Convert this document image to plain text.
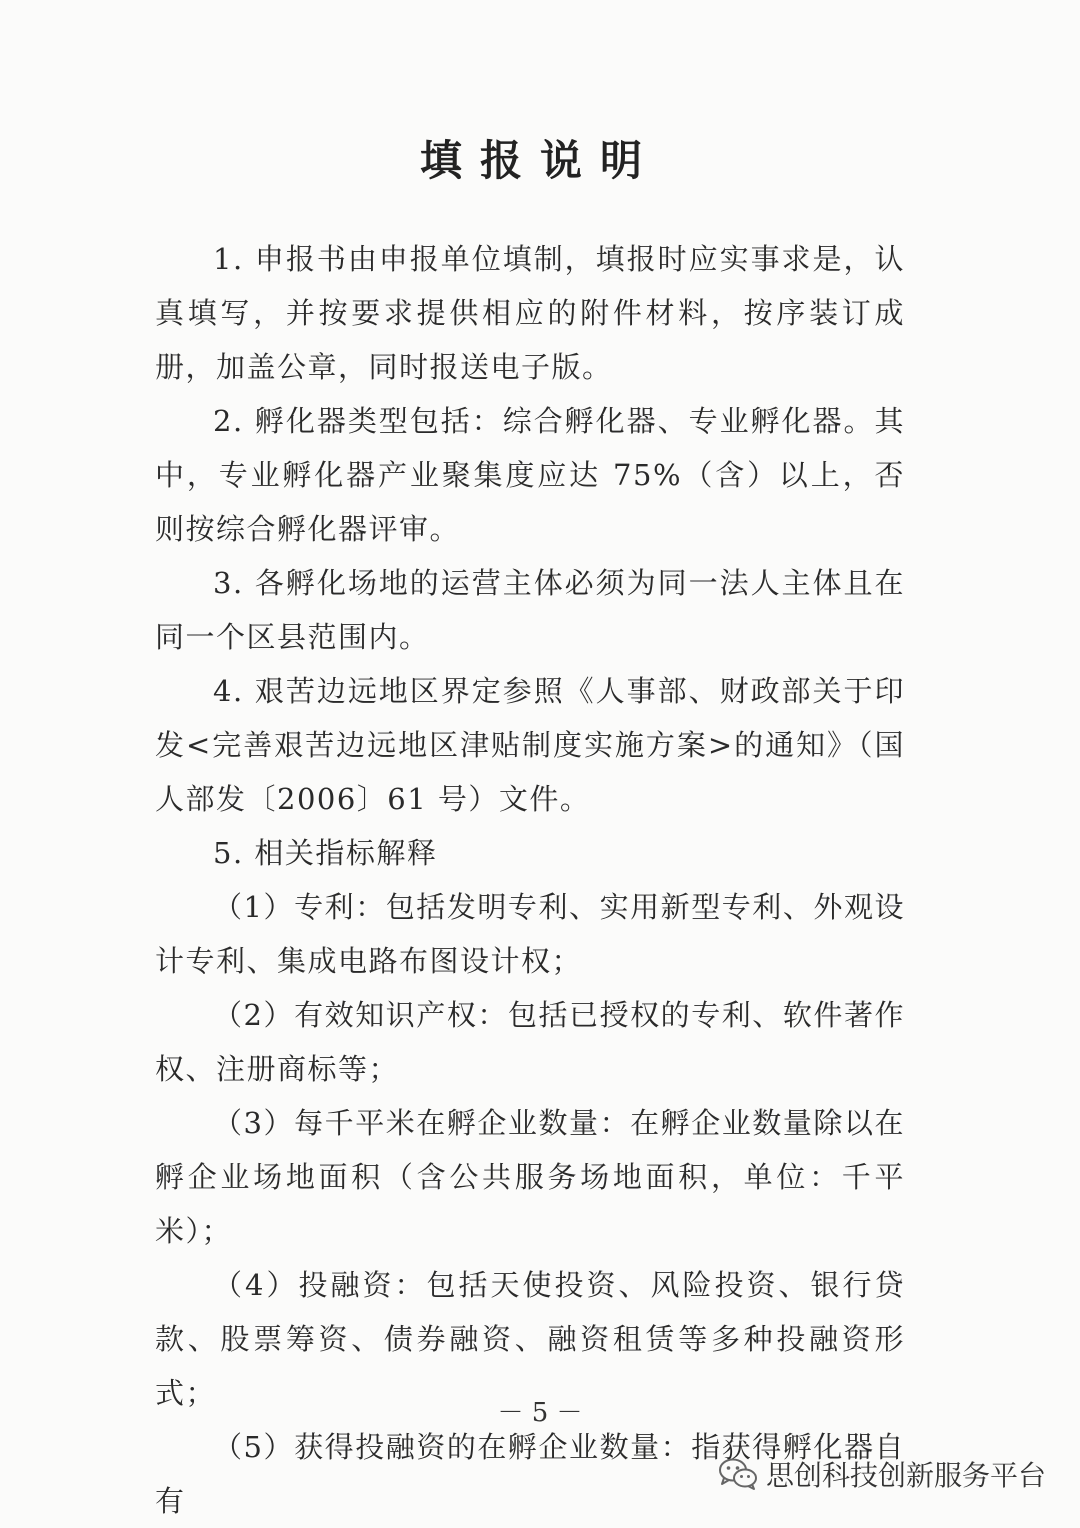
填报说明

1. 申报书由申报单位填制，填报时应实事求是，认真填写，并按要求提供相应的附件材料，按序装订成册，加盖公章，同时报送电子版。

2. 孵化器类型包括：综合孵化器、专业孵化器。其中，专业孵化器产业聚集度应达 75%（含）以上，否则按综合孵化器评审。

3. 各孵化场地的运营主体必须为同一法人主体且在同一个区县范围内。

4. 艰苦边远地区界定参照《人事部、财政部关于印发<完善艰苦边远地区津贴制度实施方案>的通知》（国人部发〔2006〕61 号）文件。

5. 相关指标解释

（1）专利：包括发明专利、实用新型专利、外观设计专利、集成电路布图设计权；

（2）有效知识产权：包括已授权的专利、软件著作权、注册商标等；

（3）每千平米在孵企业数量：在孵企业数量除以在孵企业场地面积（含公共服务场地面积，单位：千平米）；

（4）投融资：包括天使投资、风险投资、银行贷款、股票筹资、债券融资、融资租赁等多种投融资形式；

（5）获得投融资的在孵企业数量：指获得孵化器自有

－ 5 －
思创科技创新服务平台
